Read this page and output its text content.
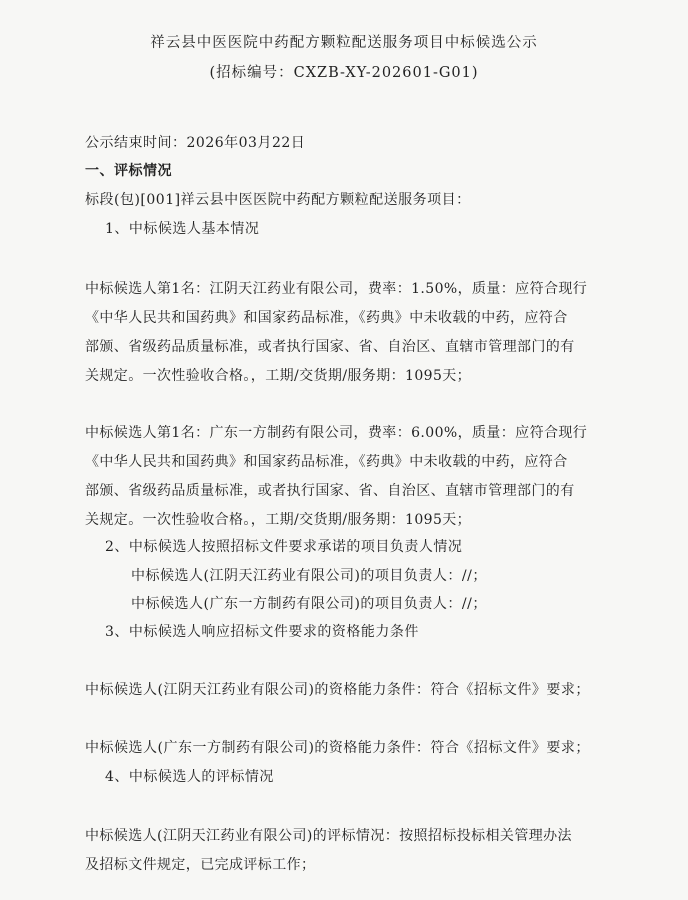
祥云县中医医院中药配方颗粒配送服务项目中标候选公示
(招标编号：CXZB-XY-202601-G01)
公示结束时间：2026年03月22日
一、评标情况
标段(包)[001]祥云县中医医院中药配方颗粒配送服务项目：
1、中标候选人基本情况

中标候选人第1名：江阴天江药业有限公司，费率：1.50%，质量：应符合现行

《中华人民共和国药典》和国家药品标准，《药典》中未收载的中药，应符合

部颁、省级药品质量标准，或者执行国家、省、自治区、直辖市管理部门的有

关规定。一次性验收合格。，工期/交货期/服务期：1095天；

中标候选人第1名：广东一方制药有限公司，费率：6.00%，质量：应符合现行

《中华人民共和国药典》和国家药品标准，《药典》中未收载的中药，应符合

部颁、省级药品质量标准，或者执行国家、省、自治区、直辖市管理部门的有

关规定。一次性验收合格。，工期/交货期/服务期：1095天；

2、中标候选人按照招标文件要求承诺的项目负责人情况
中标候选人(江阴天江药业有限公司)的项目负责人：//；
中标候选人(广东一方制药有限公司)的项目负责人：//；
3、中标候选人响应招标文件要求的资格能力条件
中标候选人(江阴天江药业有限公司)的资格能力条件：符合《招标文件》要求；
中标候选人(广东一方制药有限公司)的资格能力条件：符合《招标文件》要求；
4、中标候选人的评标情况

中标候选人(江阴天江药业有限公司)的评标情况：按照招标投标相关管理办法

及招标文件规定，已完成评标工作；
